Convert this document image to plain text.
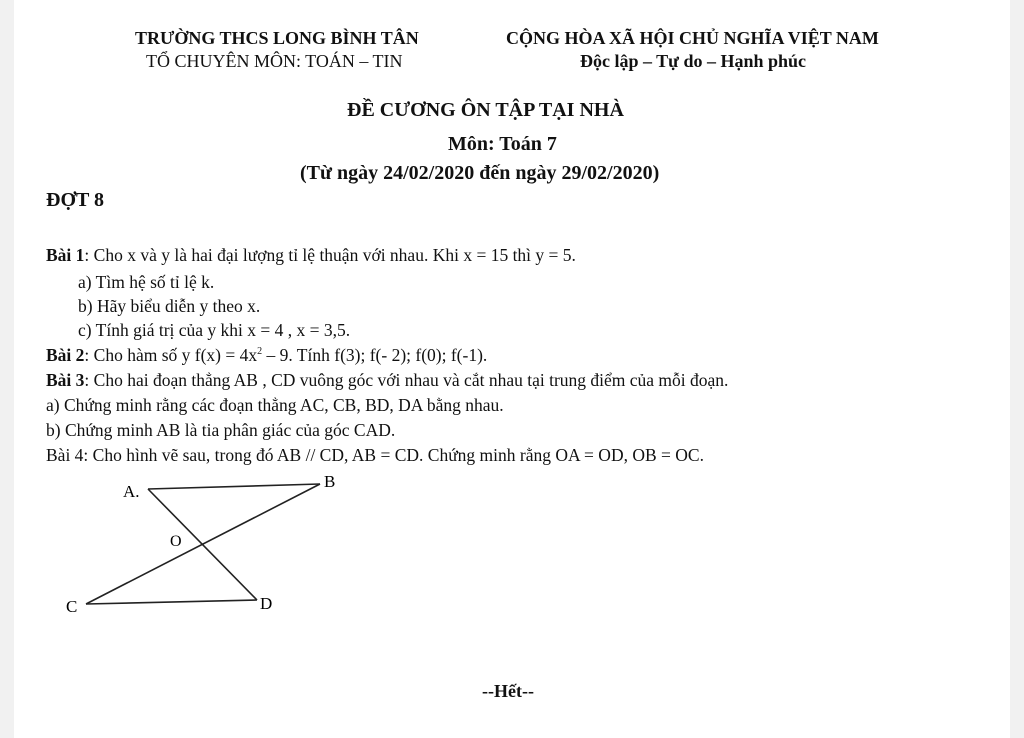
TRƯỜNG THCS LONG BÌNH TÂN
TỔ CHUYÊN MÔN: TOÁN – TIN
CỘNG HÒA XÃ HỘI CHỦ NGHĨA VIỆT NAM
Độc lập – Tự do – Hạnh phúc
ĐỀ CƯƠNG ÔN TẬP TẠI NHÀ
Môn: Toán 7
(Từ ngày 24/02/2020 đến ngày 29/02/2020)
ĐỢT 8
Bài 1: Cho x và y là hai đại lượng tỉ lệ thuận với nhau. Khi x = 15 thì y = 5.
a) Tìm hệ số tỉ lệ k.
b) Hãy biểu diễn y theo x.
c) Tính giá trị của y khi x = 4 , x = 3,5.
Bài 2: Cho hàm số y $f(x) = 4x^2 - 9$. Tính f(3); f(- 2); f(0); f(-1).
Bài 3: Cho hai đoạn thẳng AB , CD vuông góc với nhau và cắt nhau tại trung điểm của mỗi đoạn.
a) Chứng minh rằng các đoạn thẳng AC, CB, BD, DA bằng nhau.
b) Chứng minh AB là tia phân giác của góc CAD.
Bài 4: Cho hình vẽ sau, trong đó AB // CD, AB = CD. Chứng minh rằng OA = OD, OB = OC.
A.
B
O
C	D
--Hết--
